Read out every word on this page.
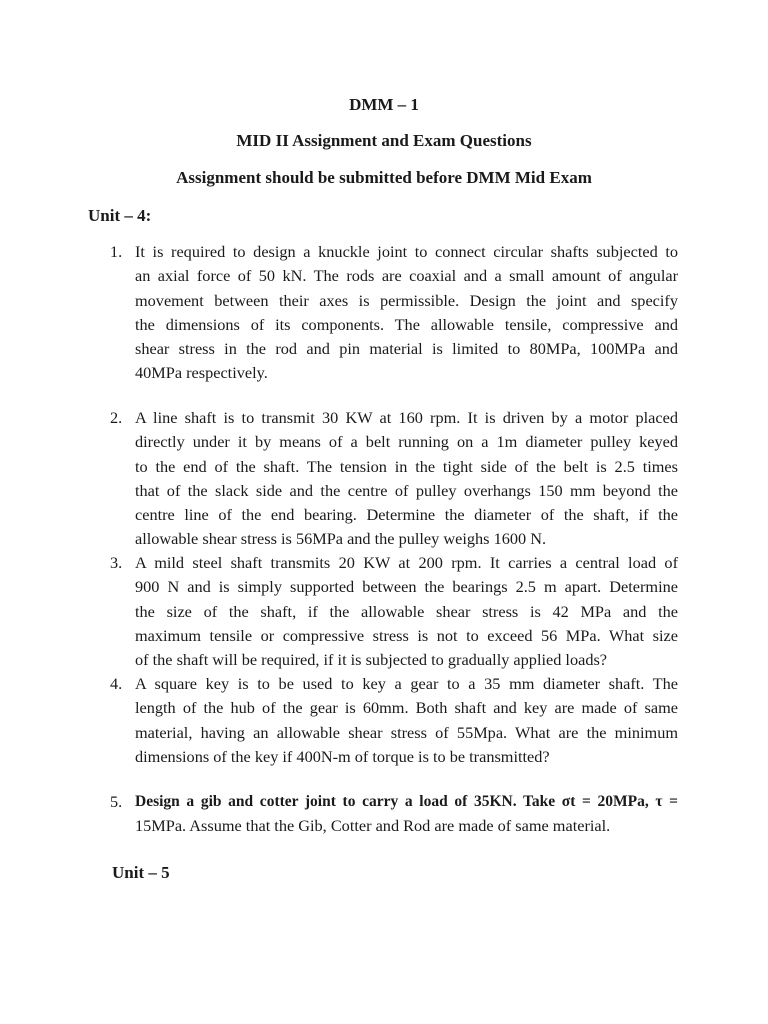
DMM – 1
MID II Assignment and Exam Questions
Assignment should be submitted before DMM Mid Exam
Unit – 4:
1. It is required to design a knuckle joint to connect circular shafts subjected to
an axial force of 50 kN. The rods are coaxial and a small amount of angular
movement between their axes is permissible. Design the joint and specify
the dimensions of its components. The allowable tensile, compressive and
shear stress in the rod and pin material is limited to 80MPa, 100MPa and
40MPa respectively.
2. A line shaft is to transmit 30 KW at 160 rpm. It is driven by a motor placed
directly under it by means of a belt running on a 1m diameter pulley keyed
to the end of the shaft. The tension in the tight side of the belt is 2.5 times
that of the slack side and the centre of pulley overhangs 150 mm beyond the
centre line of the end bearing. Determine the diameter of the shaft, if the
allowable shear stress is 56MPa and the pulley weighs 1600 N.
3. A mild steel shaft transmits 20 KW at 200 rpm. It carries a central load of
900 N and is simply supported between the bearings 2.5 m apart. Determine
the size of the shaft, if the allowable shear stress is 42 MPa and the
maximum tensile or compressive stress is not to exceed 56 MPa. What size
of the shaft will be required, if it is subjected to gradually applied loads?
4. A square key is to be used to key a gear to a 35 mm diameter shaft. The
length of the hub of the gear is 60mm. Both shaft and key are made of same
material, having an allowable shear stress of 55Mpa. What are the minimum
dimensions of the key if 400N-m of torque is to be transmitted?
5. Design a gib and cotter joint to carry a load of 35KN. Take σt = 20MPa, τ =
15MPa. Assume that the Gib, Cotter and Rod are made of same material.
Unit – 5
